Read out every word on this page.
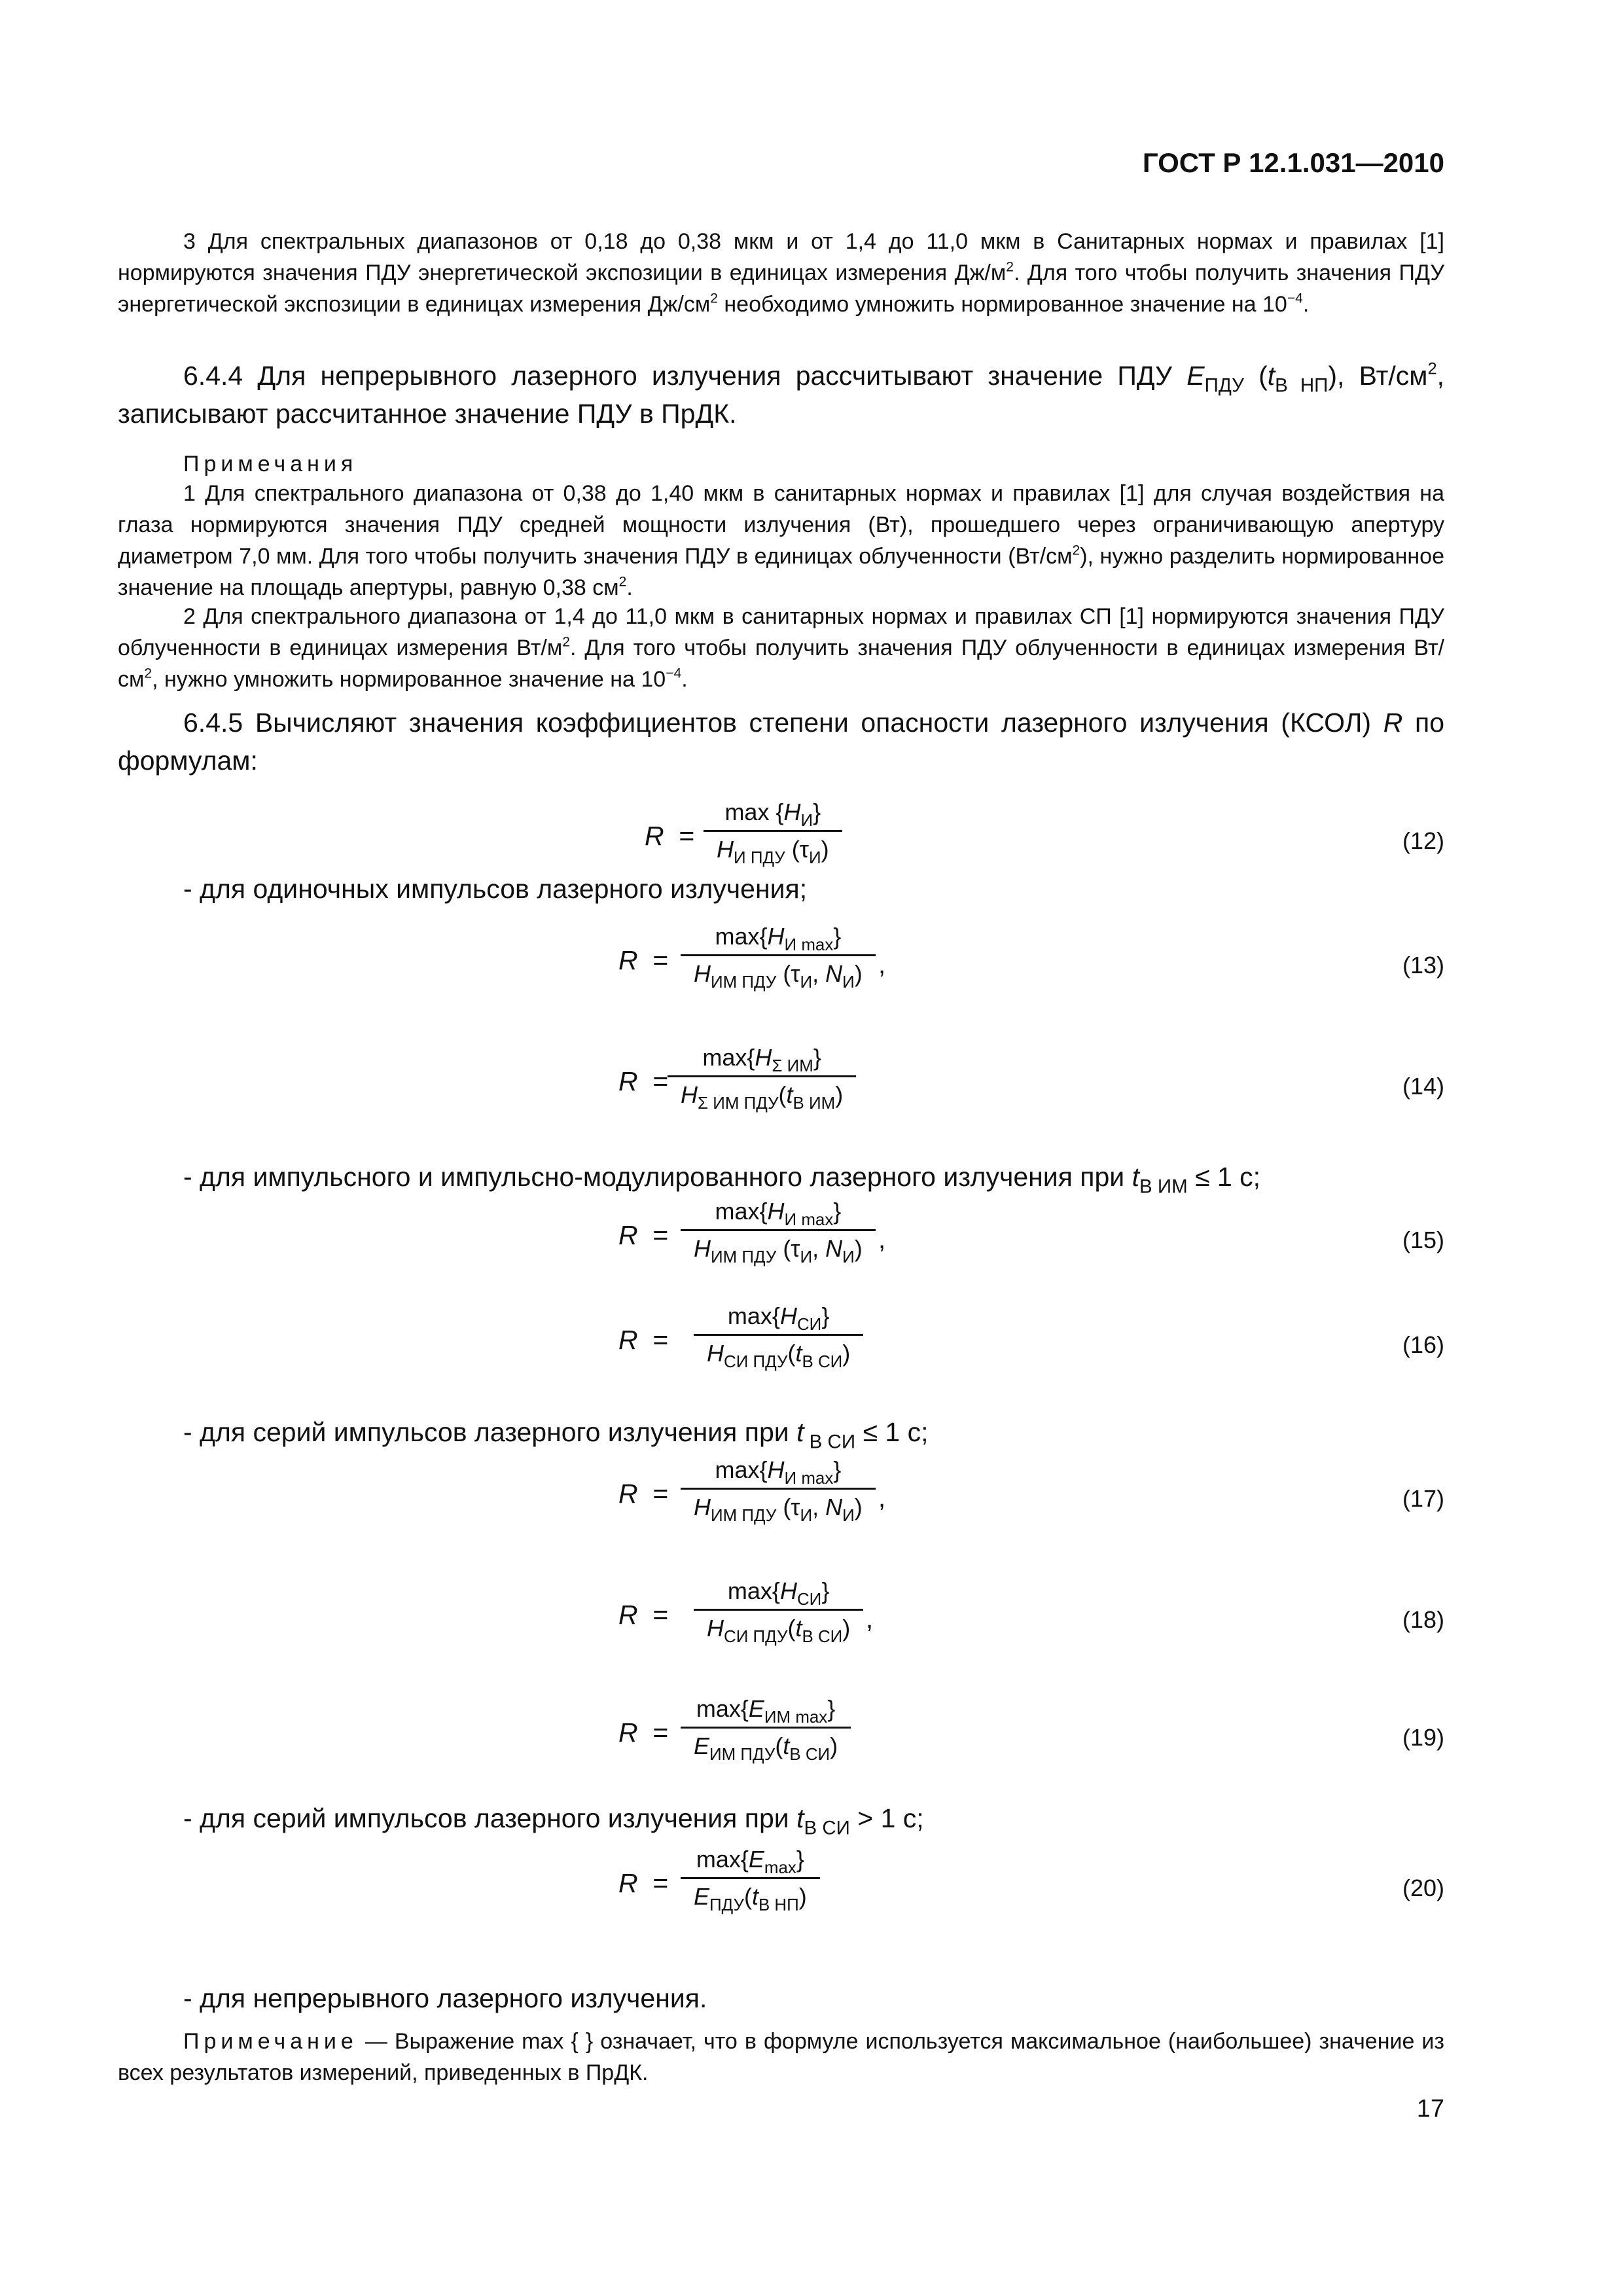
ГОСТ Р 12.1.031—2010
3 Для спектральных диапазонов от 0,18 до 0,38 мкм и от 1,4 до 11,0 мкм в Санитарных нормах и правилах [1] нормируются значения ПДУ энергетической экспозиции в единицах измерения $Дж/м^2$. Для того чтобы получить значения ПДУ энергетической экспозиции в единицах измерения $Дж/см^2$ необходимо умножить нормированное значение на $10^{-4}$.
6.4.4 Для непрерывного лазерного излучения рассчитывают значение ПДУ $E_{ПДУ}$ $(t_{В НП})$, $Вт/см^2$, записывают рассчитанное значение ПДУ в ПрДК.
Примечания
1 Для спектрального диапазона от 0,38 до 1,40 мкм в санитарных нормах и правилах [1] для случая воздействия на глаза нормируются значения ПДУ средней мощности излучения (Вт), прошедшего через ограничивающую апертуру диаметром 7,0 мм. Для того чтобы получить значения ПДУ в единицах облученности $(Вт/см^2)$, нужно разделить нормированное значение на площадь апертуры, равную 0,38 $см^2$.
2 Для спектрального диапазона от 1,4 до 11,0 мкм в санитарных нормах и правилах СП [1] нормируются значения ПДУ облученности в единицах измерения $Вт/м^2$. Для того чтобы получить значения ПДУ облученности в единицах измерения $Вт/см^2$, нужно умножить нормированное значение на $10^{-4}$.
6.4.5 Вычисляют значения коэффициентов степени опасности лазерного излучения (КСОЛ) R по формулам:
R  =
$\max \{H_И\}$
$H_{И ПДУ}$ $(\tau_И)$	(12)
R  =
$\max\{H_{И max}\}$
$H_{ИМ ПДУ}$ ($\tau_И$, $N_И$) ,	(13)
R  =
$\max\{H_{\Sigma ИМ}\}$
$H_{\Sigma ИМ ПДУ}(t_{В ИМ})$	(14)
R  =
$\max\{H_{И max}\}$
$H_{ИМ ПДУ}$ ($\tau_И$, $N_И$) ,	(15)
R  =
$\max\{H_{СИ}\}$
$H_{СИ ПДУ}(t_{В СИ})$	(16)
R  =
$\max\{H_{И max}\}$
$H_{ИМ ПДУ}$ ($\tau_И$, $N_И$) ,	(17)
R  =
$\max\{H_{СИ}\}$
$H_{СИ ПДУ}(t_{В СИ})$ ,	(18)
R  =
$\max\{E_{ИМ max}\}$
$E_{ИМ ПДУ}(t_{В СИ})$	(19)
R  =
$\max\{E_{max}\}$
$E_{ПДУ}(t_{В НП})$	(20)
- для одиночных импульсов лазерного излучения;
- для импульсного и импульсно-модулированного лазерного излучения при $t_{В ИМ} \le 1$ с;
- для серий импульсов лазерного излучения при t $_{В СИ}$ ≤ 1 с;
- для серий импульсов лазерного излучения при $t_{В СИ} > 1$ с;
- для непрерывного лазерного излучения.
Примечание — Выражение max { } означает, что в формуле используется максимальное (наибольшее) значение из всех результатов измерений, приведенных в ПрДК.
17
